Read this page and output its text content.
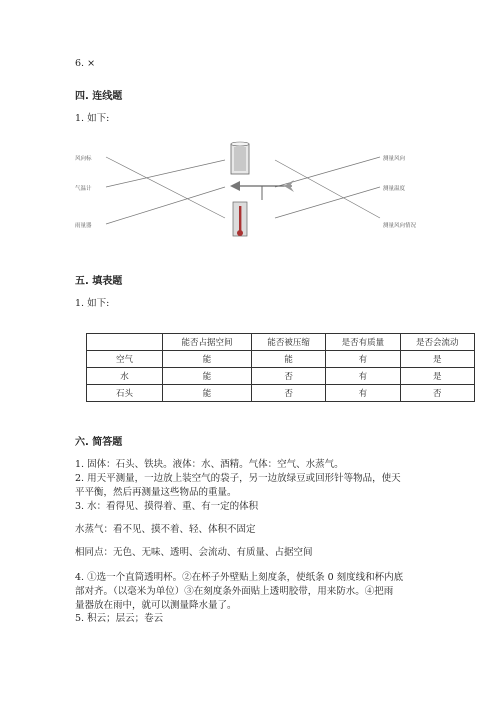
6. ×
四. 连线题
1. 如下:
风向标
气温计
雨量器
测量风向
测量温度
测量风向情况
五. 填表题
1. 如下:
	能否占据空间	能否被压缩	是否有质量	是否会流动
空气	能	能	有	是
水	能	否	有	是
石头	能	否	有	否
六. 简答题
1. 固体：石头、铁块。液体：水、酒精。气体：空气、水蒸气。
2. 用天平测量，一边放上装空气的袋子，另一边放绿豆或回形针等物品，使天
平平衡，然后再测量这些物品的重量。
3. 水：看得见、摸得着、重、有一定的体积
水蒸气：看不见、摸不着、轻、体积不固定
相同点：无色、无味、透明、会流动、有质量、占据空间
4. ①选一个直筒透明杯。②在杯子外壁贴上刻度条，使纸条 0 刻度线和杯内底
部对齐。（以毫米为单位）③在刻度条外面贴上透明胶带，用来防水。④把雨
量器放在雨中，就可以测量降水量了。
5. 积云；层云；卷云
